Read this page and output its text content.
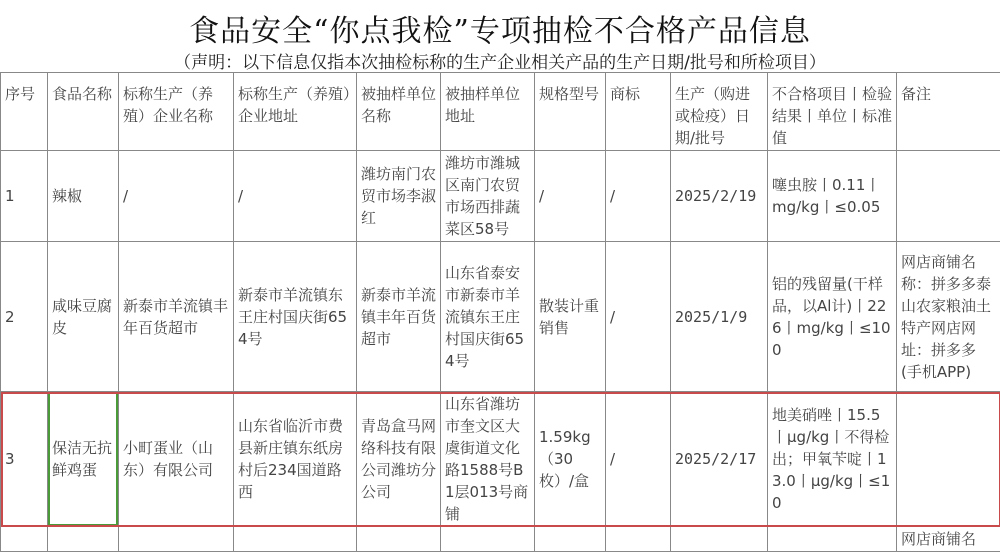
食品安全“你点我检”专项抽检不合格产品信息
（声明：以下信息仅指本次抽检标称的生产企业相关产品的生产日期/批号和所检项目）
序号	食品名称	标称生产（养殖）企业名称	标称生产（养殖）企业地址	被抽样单位名称	被抽样单位地址	规格型号	商标	生产（购进或检疫）日期/批号	不合格项目丨检验结果丨单位丨标准值	备注
1	辣椒	/	/	潍坊南门农贸市场李淑红	潍坊市潍城区南门农贸市场西排蔬菜区58号	/	/	2025/2/19	噻虫胺丨0.11丨mg/kg丨≤0.05	
2	咸味豆腐皮	新泰市羊流镇丰年百货超市	新泰市羊流镇东王庄村国庆街654号	新泰市羊流镇丰年百货超市	山东省泰安市新泰市羊流镇东王庄村国庆街654号	散装计重销售	/	2025/1/9	铝的残留量(干样品，以Al计)丨226丨mg/kg丨≤100	网店商铺名称：拼多多泰山农家粮油土特产网店网址：拼多多(手机APP)
3	保洁无抗鲜鸡蛋	小町蛋业（山东）有限公司	山东省临沂市费县新庄镇东纸房村后234国道路西	青岛盒马网络科技有限公司潍坊分公司	山东省潍坊市奎文区大虞街道文化路1588号B1层013号商铺	1.59kg（30枚）/盒	/	2025/2/17	地美硝唑丨15.5丨μg/kg丨不得检出；甲氧苄啶丨13.0丨μg/kg丨≤10	
										网店商铺名
